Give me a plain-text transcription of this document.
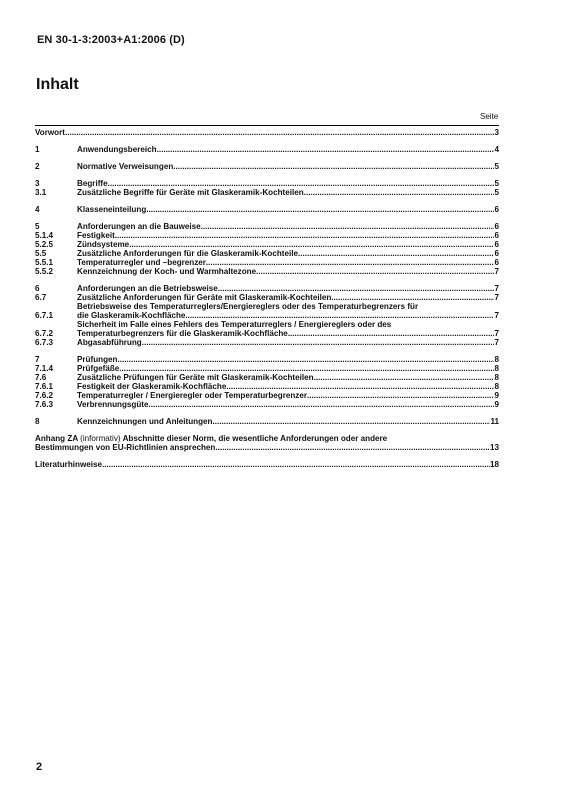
EN 30-1-3:2003+A1:2006 (D)
Inhalt
Seite
Vorwort .....	3
1	Anwendungsbereich .....	4
2	Normative Verweisungen .....	5
3	Begriffe .....	5
3.1	Zusätzliche Begriffe für Geräte mit Glaskeramik-Kochteilen .....	5
4	Klasseneinteilung .....	6
5	Anforderungen an die Bauweise .....	6
5.1.4	Festigkeit .....	6
5.2.5	Zündsysteme .....	6
5.5	Zusätzliche Anforderungen für die Glaskeramik-Kochteile .....	6
5.5.1	Temperaturregler und –begrenzer .....	6
5.5.2	Kennzeichnung der Koch- und Warmhaltezone .....	7
6	Anforderungen an die Betriebsweise .....	7
6.7	Zusätzliche Anforderungen für Geräte mit Glaskeramik-Kochteilen .....	7
6.7.1
Betriebsweise des Temperaturreglers/Energiereglers oder des Temperaturbegrenzers für
die Glaskeramik-Kochfläche .....	7
6.7.2
Sicherheit im Falle eines Fehlers des Temperaturreglers / Energiereglers oder des
Temperaturbegrenzers für die Glaskeramik-Kochfläche .....	7
6.7.3	Abgasabführung .....	7
7	Prüfungen .....	8
7.1.4	Prüfgefäße .....	8
7.6	Zusätzliche Prüfungen für Geräte mit Glaskeramik-Kochteilen .....	8
7.6.1	Festigkeit der Glaskeramik-Kochfläche .....	8
7.6.2	Temperaturregler / Energieregler oder Temperaturbegrenzer .....	9
7.6.3	Verbrennungsgüte .....	9
8	Kennzeichnungen und Anleitungen .....	11
Anhang ZA (informativ) Abschnitte dieser Norm, die wesentliche Anforderungen oder andere
Bestimmungen von EU-Richtlinien ansprechen .....	13
Literaturhinweise .....	18
2
